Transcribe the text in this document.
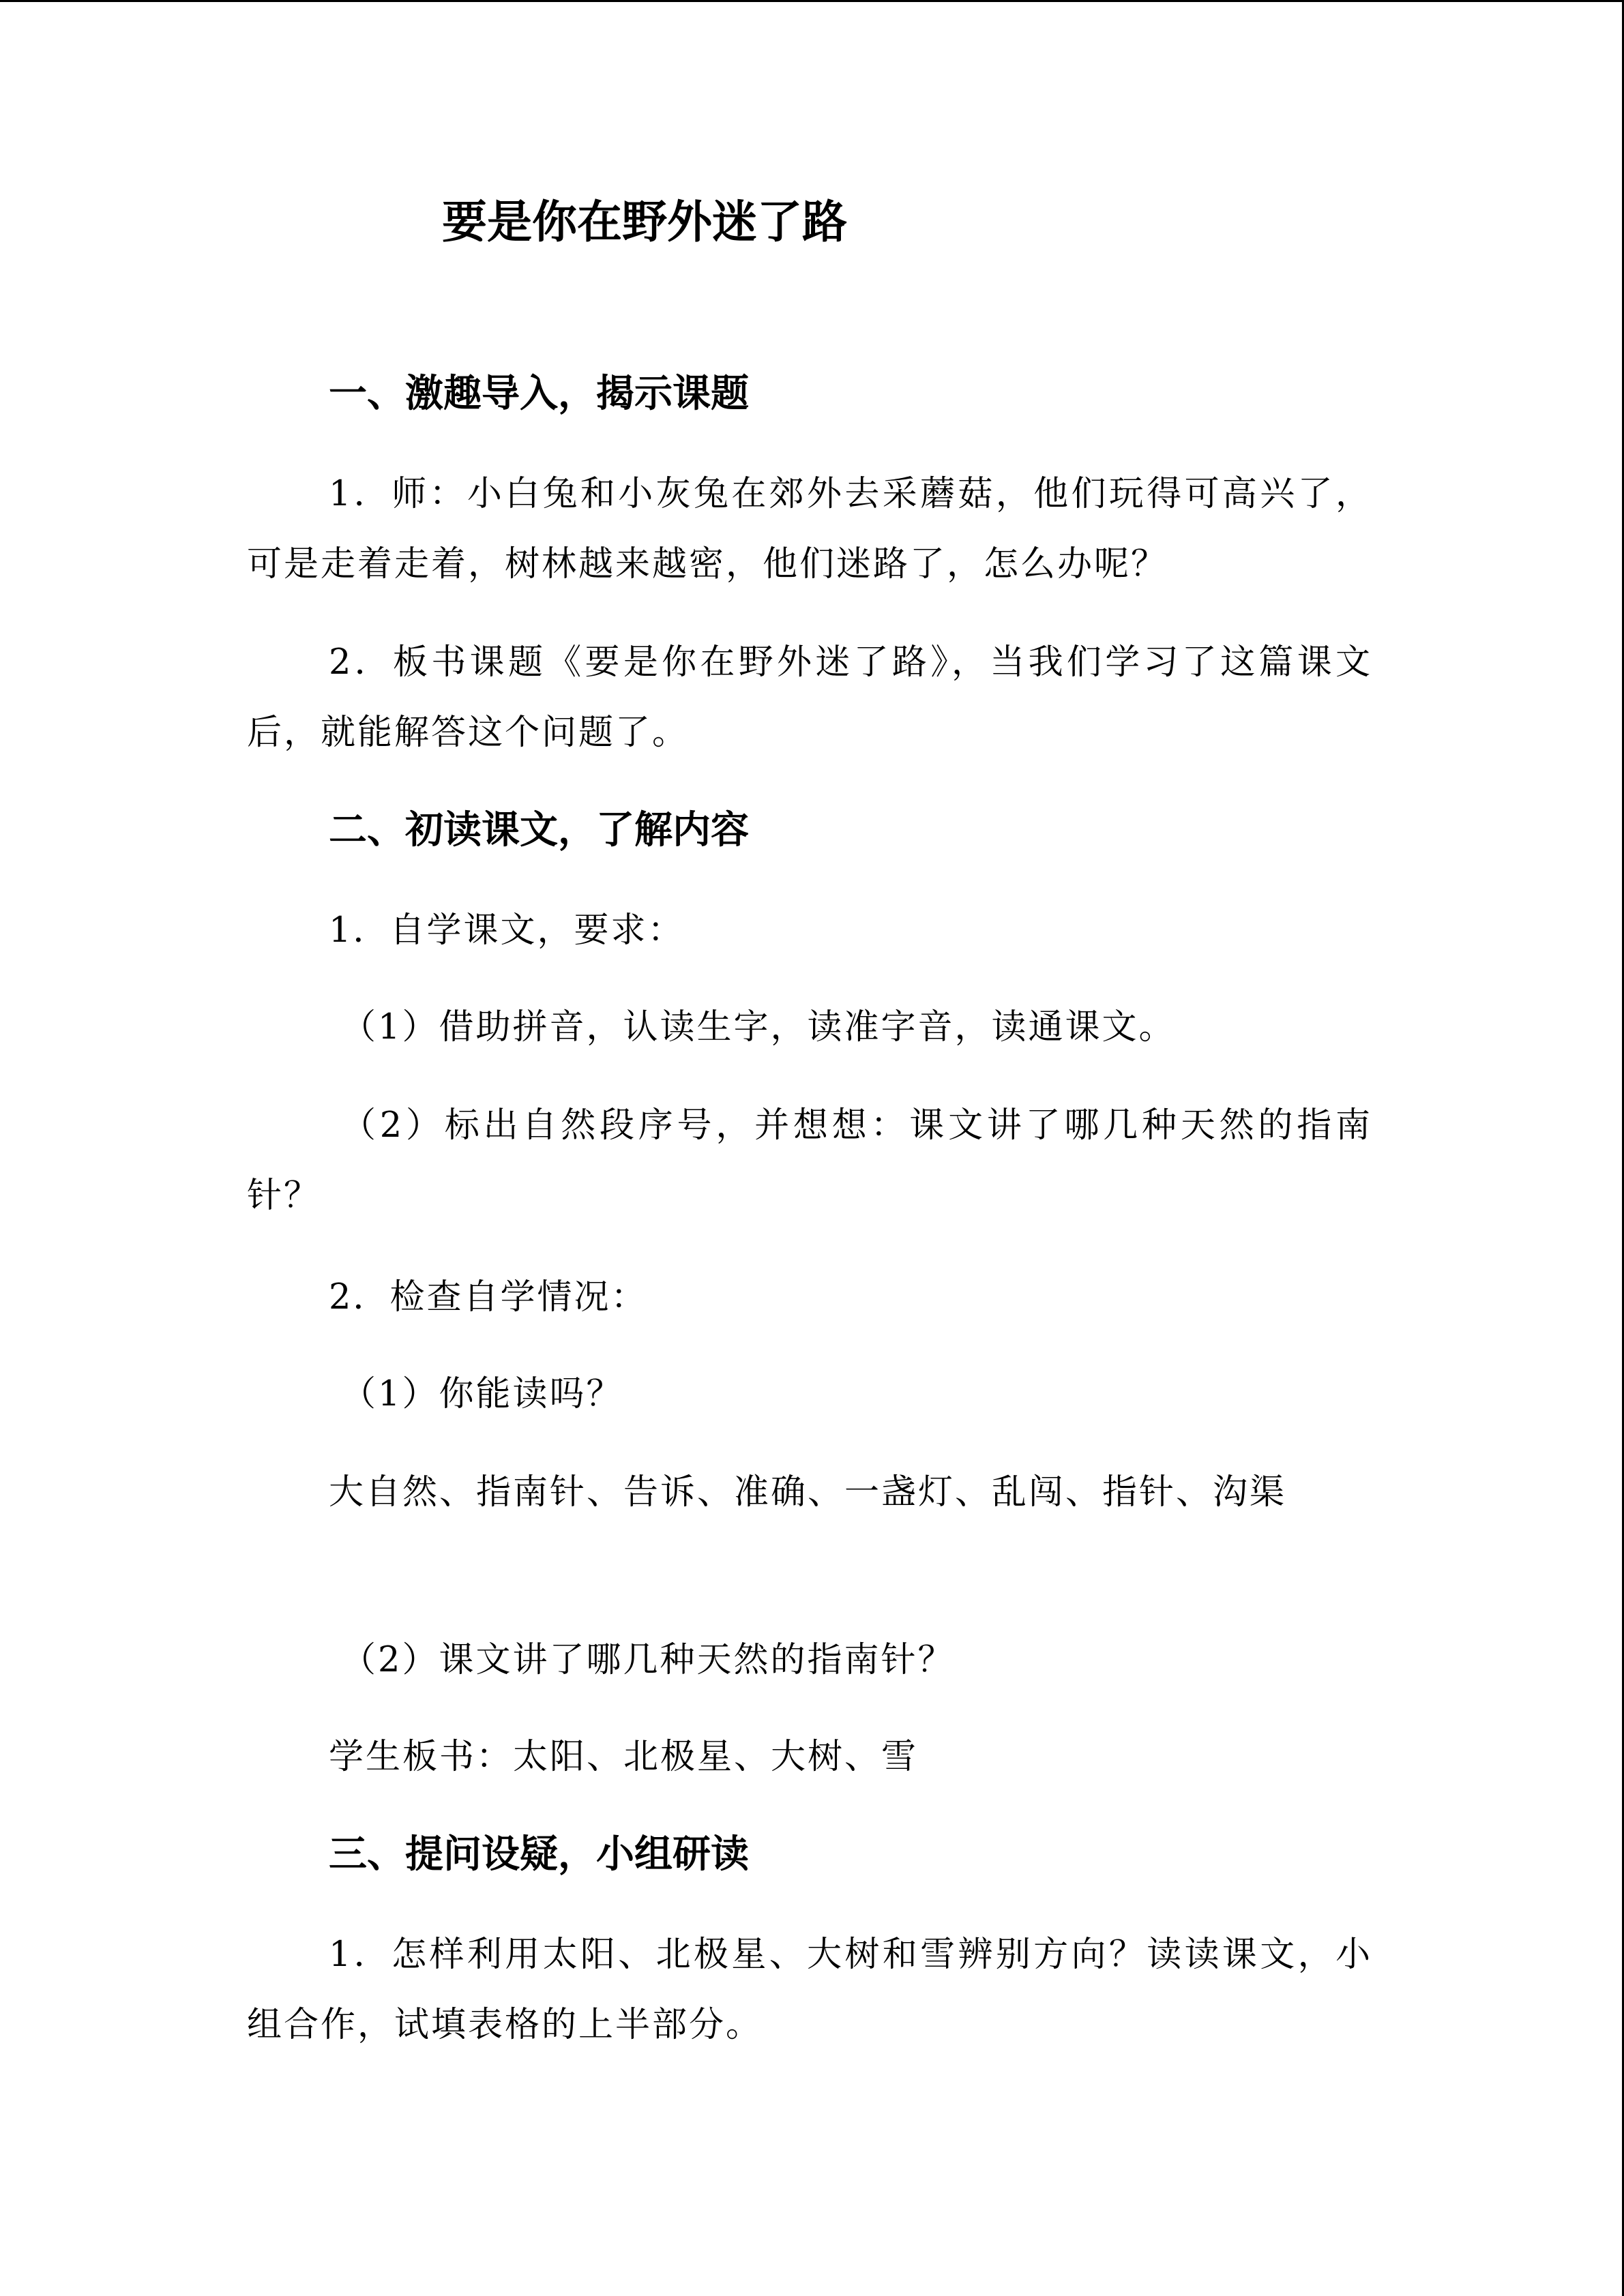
要是你在野外迷了路
一、激趣导入，揭示课题

1．师：小白兔和小灰兔在郊外去采蘑菇，他们玩得可高兴了，可是走着走着，树林越来越密，他们迷路了，怎么办呢？

2．板书课题《要是你在野外迷了路》，当我们学习了这篇课文后，就能解答这个问题了。

二、初读课文，了解内容

1．自学课文，要求：

（1）借助拼音，认读生字，读准字音，读通课文。

（2）标出自然段序号，并想想：课文讲了哪几种天然的指南针？

2．检查自学情况：

（1）你能读吗？

大自然、指南针、告诉、准确、一盏灯、乱闯、指针、沟渠

（2）课文讲了哪几种天然的指南针？

学生板书：太阳、北极星、大树、雪

三、提问设疑，小组研读

1．怎样利用太阳、北极星、大树和雪辨别方向？读读课文，小组合作，试填表格的上半部分。
